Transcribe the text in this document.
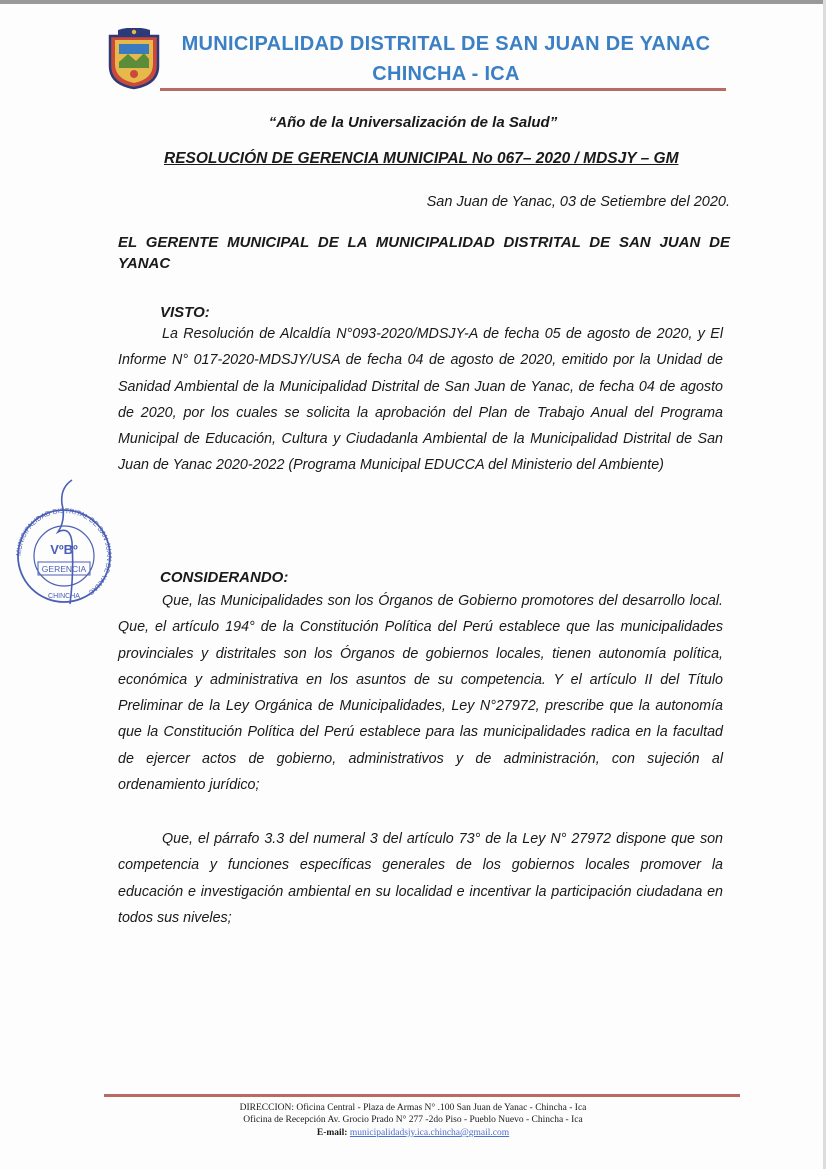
MUNICIPALIDAD DISTRITAL DE SAN JUAN DE YANAC
CHINCHA - ICA
“Año de la Universalización de la Salud”
RESOLUCIÓN DE GERENCIA MUNICIPAL No 067– 2020 / MDSJY – GM
San Juan de Yanac, 03 de Setiembre del 2020.
EL GERENTE MUNICIPAL DE LA MUNICIPALIDAD DISTRITAL DE SAN JUAN DE YANAC
VISTO:
La Resolución de Alcaldía N°093-2020/MDSJY-A de fecha 05 de agosto de 2020, y El Informe N° 017-2020-MDSJY/USA de fecha 04 de agosto de 2020, emitido por la Unidad de Sanidad Ambiental de la Municipalidad Distrital de San Juan de Yanac, de fecha 04 de agosto de 2020, por los cuales se solicita la aprobación del Plan de Trabajo Anual del Programa Municipal de Educación, Cultura y Ciudadanla Ambiental de la Municipalidad Distrital de San Juan de Yanac 2020-2022 (Programa Municipal EDUCCA del Ministerio del Ambiente)
MUNICIPALIDAD DISTRITAL DE SAN JUAN DE YANAC
VºBº
GERENCIA
CHINCHA
CONSIDERANDO:
Que, las Municipalidades son los Órganos de Gobierno promotores del desarrollo local. Que, el artículo 194° de la Constitución Política del Perú establece que las municipalidades provinciales y distritales son los Órganos de gobiernos locales, tienen autonomía política, económica y administrativa en los asuntos de su competencia. Y el artículo II del Título Preliminar de la Ley Orgánica de Municipalidades, Ley N°27972, prescribe que la autonomía que la Constitución Política del Perú establece para las municipalidades radica en la facultad de ejercer actos de gobierno, administrativos y de administración, con sujeción al ordenamiento jurídico;
Que, el párrafo 3.3 del numeral 3 del artículo 73° de la Ley N° 27972 dispone que son competencia y funciones específicas generales de los gobiernos locales promover la educación e investigación ambiental en su localidad e incentivar la participación ciudadana en todos sus niveles;
DIRECCION: Oficina Central - Plaza de Armas N° .100 San Juan de Yanac - Chincha - Ica
Oficina de Recepción Av. Grocio Prado N° 277 -2do Piso - Pueblo Nuevo - Chincha - Ica
E-mail: municipalidadsjy.ica.chincha@gmail.com
